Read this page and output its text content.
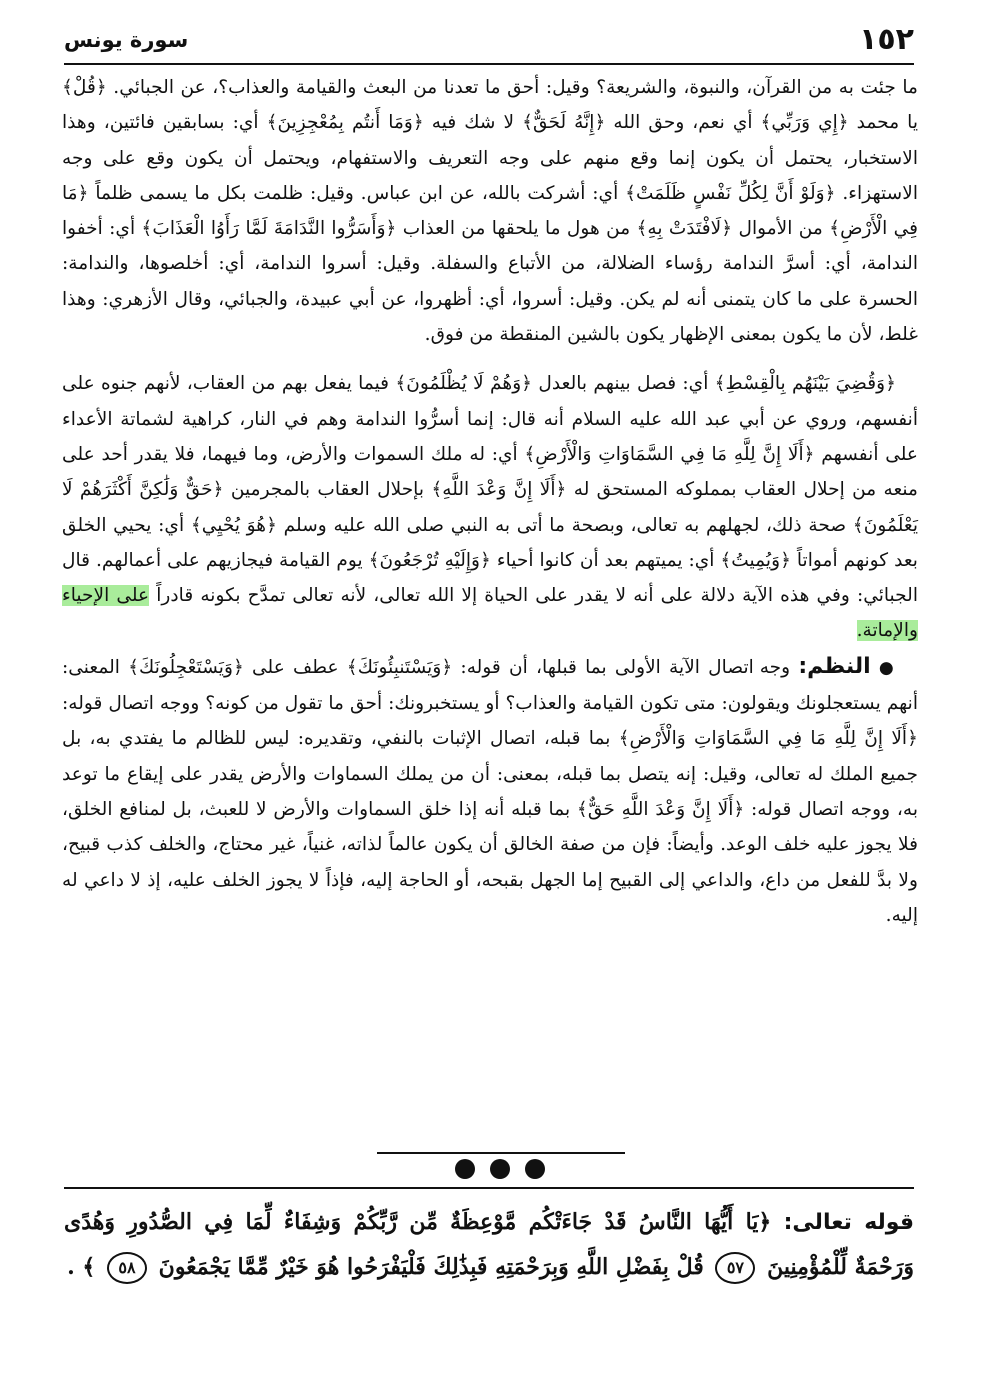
١٥٢
سورة يونس

ما جئت به من القرآن، والنبوة، والشريعة؟ وقيل: أحق ما تعدنا من البعث والقيامة والعذاب؟، عن الجبائي. ﴿قُلْ﴾ يا محمد ﴿إِي وَرَبِّي﴾ أي نعم، وحق الله ﴿إِنَّهُ لَحَقٌّ﴾ لا شك فيه ﴿وَمَا أَنتُم بِمُعْجِزِينَ﴾ أي: بسابقين فائتين، وهذا الاستخبار، يحتمل أن يكون إنما وقع منهم على وجه التعريف والاستفهام، ويحتمل أن يكون وقع على وجه الاستهزاء. ﴿وَلَوْ أَنَّ لِكُلِّ نَفْسٍ ظَلَمَتْ﴾ أي: أشركت بالله، عن ابن عباس. وقيل: ظلمت بكل ما يسمى ظلماً ﴿مَا فِي الْأَرْضِ﴾ من الأموال ﴿لَافْتَدَتْ بِهِ﴾ من هول ما يلحقها من العذاب ﴿وَأَسَرُّوا النَّدَامَةَ لَمَّا رَأَوُا الْعَذَابَ﴾ أي: أخفوا الندامة، أي: أسرَّ الندامة رؤساء الضلالة، من الأتباع والسفلة. وقيل: أسروا الندامة، أي: أخلصوها، والندامة: الحسرة على ما كان يتمنى أنه لم يكن. وقيل: أسروا، أي: أظهروا، عن أبي عبيدة، والجبائي، وقال الأزهري: وهذا غلط، لأن ما يكون بمعنى الإظهار يكون بالشين المنقطة من فوق.

﴿وَقُضِيَ بَيْنَهُم بِالْقِسْطِ﴾ أي: فصل بينهم بالعدل ﴿وَهُمْ لَا يُظْلَمُونَ﴾ فيما يفعل بهم من العقاب، لأنهم جنوه على أنفسهم، وروي عن أبي عبد الله عليه السلام أنه قال: إنما أسرُّوا الندامة وهم في النار، كراهية لشماتة الأعداء على أنفسهم ﴿أَلَا إِنَّ لِلَّهِ مَا فِي السَّمَاوَاتِ وَالْأَرْضِ﴾ أي: له ملك السموات والأرض، وما فيهما، فلا يقدر أحد على منعه من إحلال العقاب بمملوكه المستحق له ﴿أَلَا إِنَّ وَعْدَ اللَّهِ﴾ بإحلال العقاب بالمجرمين ﴿حَقٌّ وَلَٰكِنَّ أَكْثَرَهُمْ لَا يَعْلَمُونَ﴾ صحة ذلك، لجهلهم به تعالى، وبصحة ما أتى به النبي صلى الله عليه وسلم ﴿هُوَ يُحْيِي﴾ أي: يحيي الخلق بعد كونهم أمواتاً ﴿وَيُمِيتُ﴾ أي: يميتهم بعد أن كانوا أحياء ﴿وَإِلَيْهِ تُرْجَعُونَ﴾ يوم القيامة فيجازيهم على أعمالهم. قال الجبائي: وفي هذه الآية دلالة على أنه لا يقدر على الحياة إلا الله تعالى، لأنه تعالى تمدَّح بكونه قادراً على الإحياء والإماتة.

● النظم: وجه اتصال الآية الأولى بما قبلها، أن قوله: ﴿وَيَسْتَنبِئُونَكَ﴾ عطف على ﴿وَيَسْتَعْجِلُونَكَ﴾ المعنى: أنهم يستعجلونك ويقولون: متى تكون القيامة والعذاب؟ أو يستخبرونك: أحق ما تقول من كونه؟ ووجه اتصال قوله: ﴿أَلَا إِنَّ لِلَّهِ مَا فِي السَّمَاوَاتِ وَالْأَرْضِ﴾ بما قبله، اتصال الإثبات بالنفي، وتقديره: ليس للظالم ما يفتدي به، بل جميع الملك له تعالى، وقيل: إنه يتصل بما قبله، بمعنى: أن من يملك السماوات والأرض يقدر على إيقاع ما توعد به، ووجه اتصال قوله: ﴿أَلَا إِنَّ وَعْدَ اللَّهِ حَقٌّ﴾ بما قبله أنه إذا خلق السماوات والأرض لا للعبث، بل لمنافع الخلق، فلا يجوز عليه خلف الوعد. وأيضاً: فإن من صفة الخالق أن يكون عالماً لذاته، غنياً، غير محتاج، والخلف كذب قبيح، ولا بدَّ للفعل من داع، والداعي إلى القبيح إما الجهل بقبحه، أو الحاجة إليه، فإذاً لا يجوز الخلف عليه، إذ لا داعي له إليه.

قوله تعالى: ﴿يَا أَيُّهَا النَّاسُ قَدْ جَاءَتْكُم مَّوْعِظَةٌ مِّن رَّبِّكُمْ وَشِفَاءٌ لِّمَا فِي الصُّدُورِ وَهُدًى وَرَحْمَةٌ لِّلْمُؤْمِنِينَ ٥٧ قُلْ بِفَضْلِ اللَّهِ وَبِرَحْمَتِهِ فَبِذَٰلِكَ فَلْيَفْرَحُوا هُوَ خَيْرٌ مِّمَّا يَجْمَعُونَ ٥٨ ﴾ .
